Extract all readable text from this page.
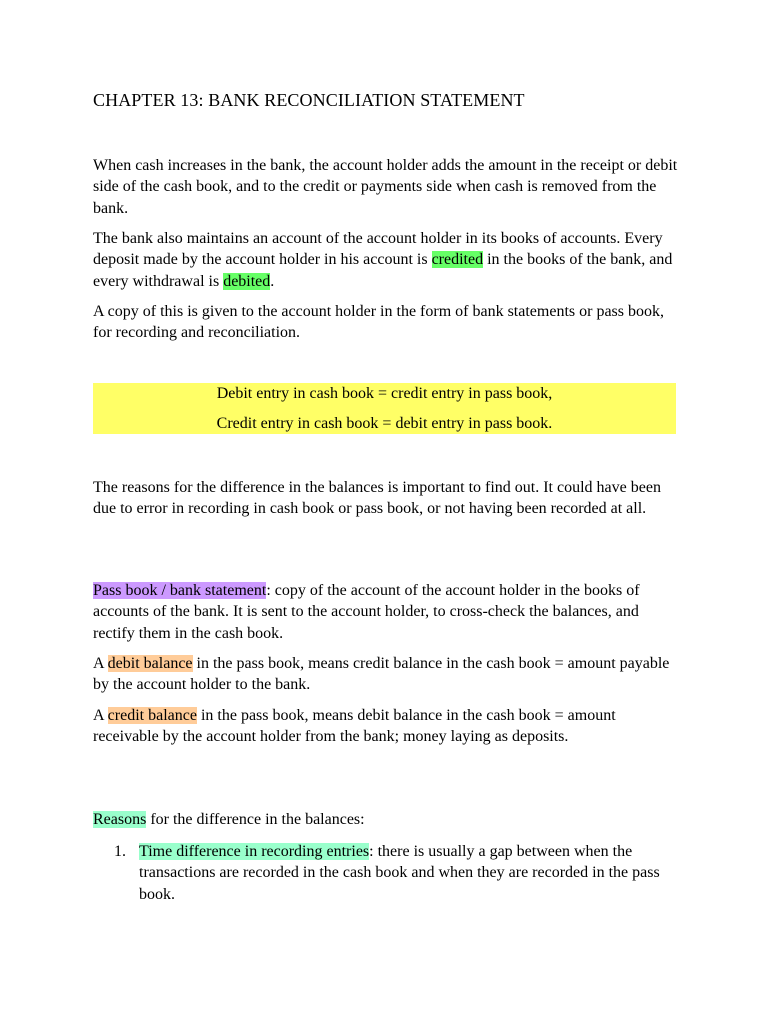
CHAPTER 13: BANK RECONCILIATION STATEMENT
When cash increases in the bank, the account holder adds the amount in the receipt or debit side of the cash book, and to the credit or payments side when cash is removed from the bank.
The bank also maintains an account of the account holder in its books of accounts. Every deposit made by the account holder in his account is credited in the books of the bank, and every withdrawal is debited.
A copy of this is given to the account holder in the form of bank statements or pass book, for recording and reconciliation.
Debit entry in cash book = credit entry in pass book,
Credit entry in cash book = debit entry in pass book.
The reasons for the difference in the balances is important to find out. It could have been due to error in recording in cash book or pass book, or not having been recorded at all.
Pass book / bank statement: copy of the account of the account holder in the books of accounts of the bank. It is sent to the account holder, to cross-check the balances, and rectify them in the cash book.
A debit balance in the pass book, means credit balance in the cash book = amount payable by the account holder to the bank.
A credit balance in the pass book, means debit balance in the cash book = amount receivable by the account holder from the bank; money laying as deposits.
Reasons for the difference in the balances:
1. Time difference in recording entries: there is usually a gap between when the transactions are recorded in the cash book and when they are recorded in the pass book.
